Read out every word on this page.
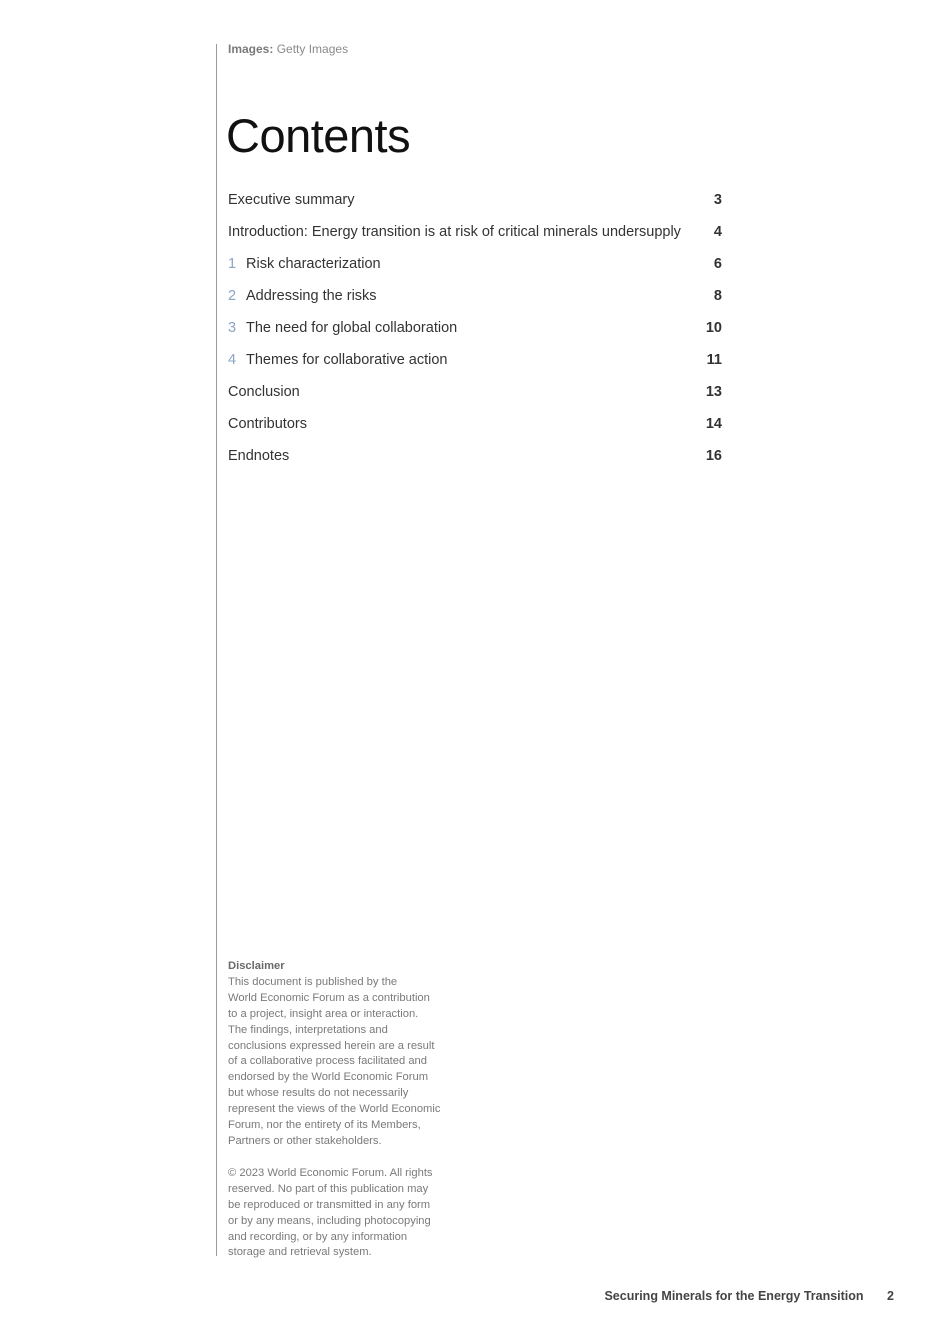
Images: Getty Images
Contents
Executive summary	3
Introduction: Energy transition is at risk of critical minerals undersupply	4
1 Risk characterization	6
2 Addressing the risks	8
3 The need for global collaboration	10
4 Themes for collaborative action	11
Conclusion	13
Contributors	14
Endnotes	16
Disclaimer

This document is published by the
World Economic Forum as a contribution
to a project, insight area or interaction.
The findings, interpretations and
conclusions expressed herein are a result
of a collaborative process facilitated and
endorsed by the World Economic Forum
but whose results do not necessarily
represent the views of the World Economic
Forum, nor the entirety of its Members,
Partners or other stakeholders.

© 2023 World Economic Forum. All rights
reserved. No part of this publication may
be reproduced or transmitted in any form
or by any means, including photocopying
and recording, or by any information
storage and retrieval system.

Securing Minerals for the Energy Transition 2
